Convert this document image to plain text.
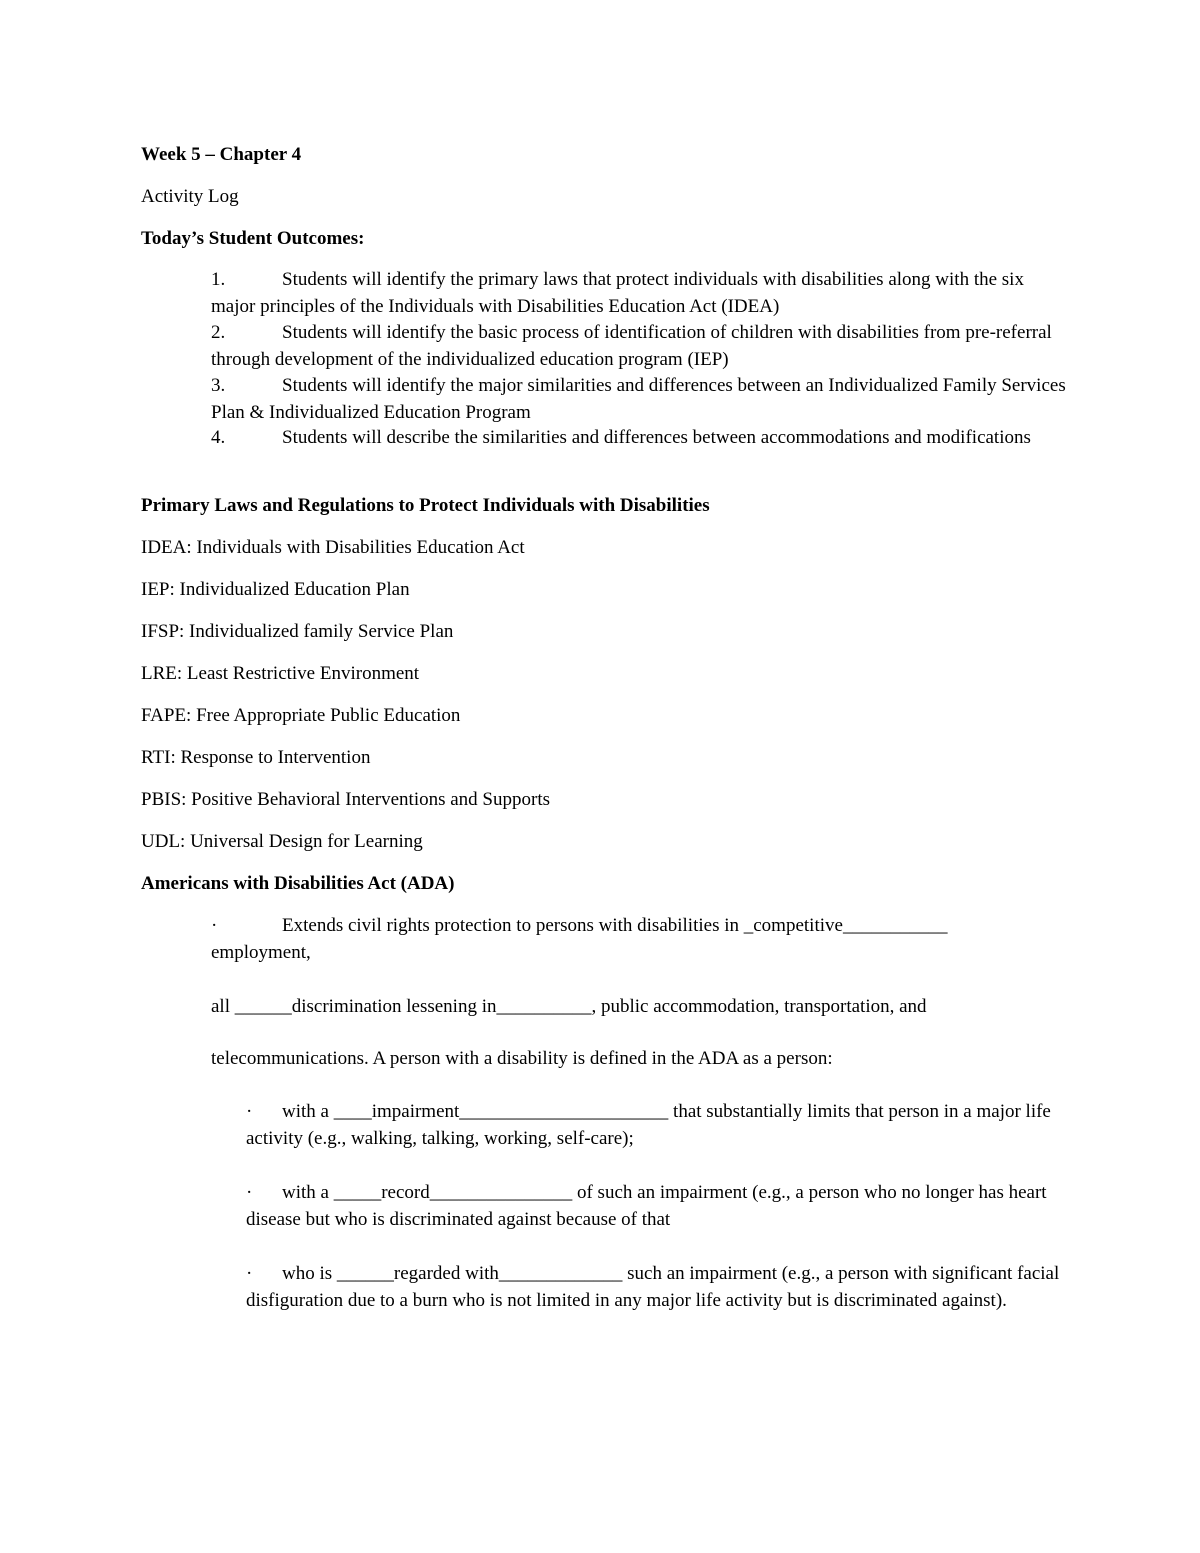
Week 5 – Chapter 4
Activity Log
Today’s Student Outcomes:
1.	Students will identify the primary laws that protect individuals with disabilities along with the six major principles of the Individuals with Disabilities Education Act (IDEA)
2.	Students will identify the basic process of identification of children with disabilities from pre-referral through development of the individualized education program (IEP)
3.	Students will identify the major similarities and differences between an Individualized Family Services Plan & Individualized Education Program
4.	Students will describe the similarities and differences between accommodations and modifications
Primary Laws and Regulations to Protect Individuals with Disabilities
IDEA: Individuals with Disabilities Education Act
IEP: Individualized Education Plan
IFSP: Individualized family Service Plan
LRE: Least Restrictive Environment
FAPE: Free Appropriate Public Education
RTI: Response to Intervention
PBIS: Positive Behavioral Interventions and Supports
UDL: Universal Design for Learning
Americans with Disabilities Act (ADA)
·	Extends civil rights protection to persons with disabilities in _competitive___________ employment,
all ______discrimination lessening in__________, public accommodation, transportation, and
telecommunications. A person with a disability is defined in the ADA as a person:
· with a ____impairment______________________ that substantially limits that person in a major life activity (e.g., walking, talking, working, self-care);
· with a _____record_______________ of such an impairment (e.g., a person who no longer has heart disease but who is discriminated against because of that
· who is ______regarded with_____________ such an impairment (e.g., a person with significant facial disfiguration due to a burn who is not limited in any major life activity but is discriminated against).
